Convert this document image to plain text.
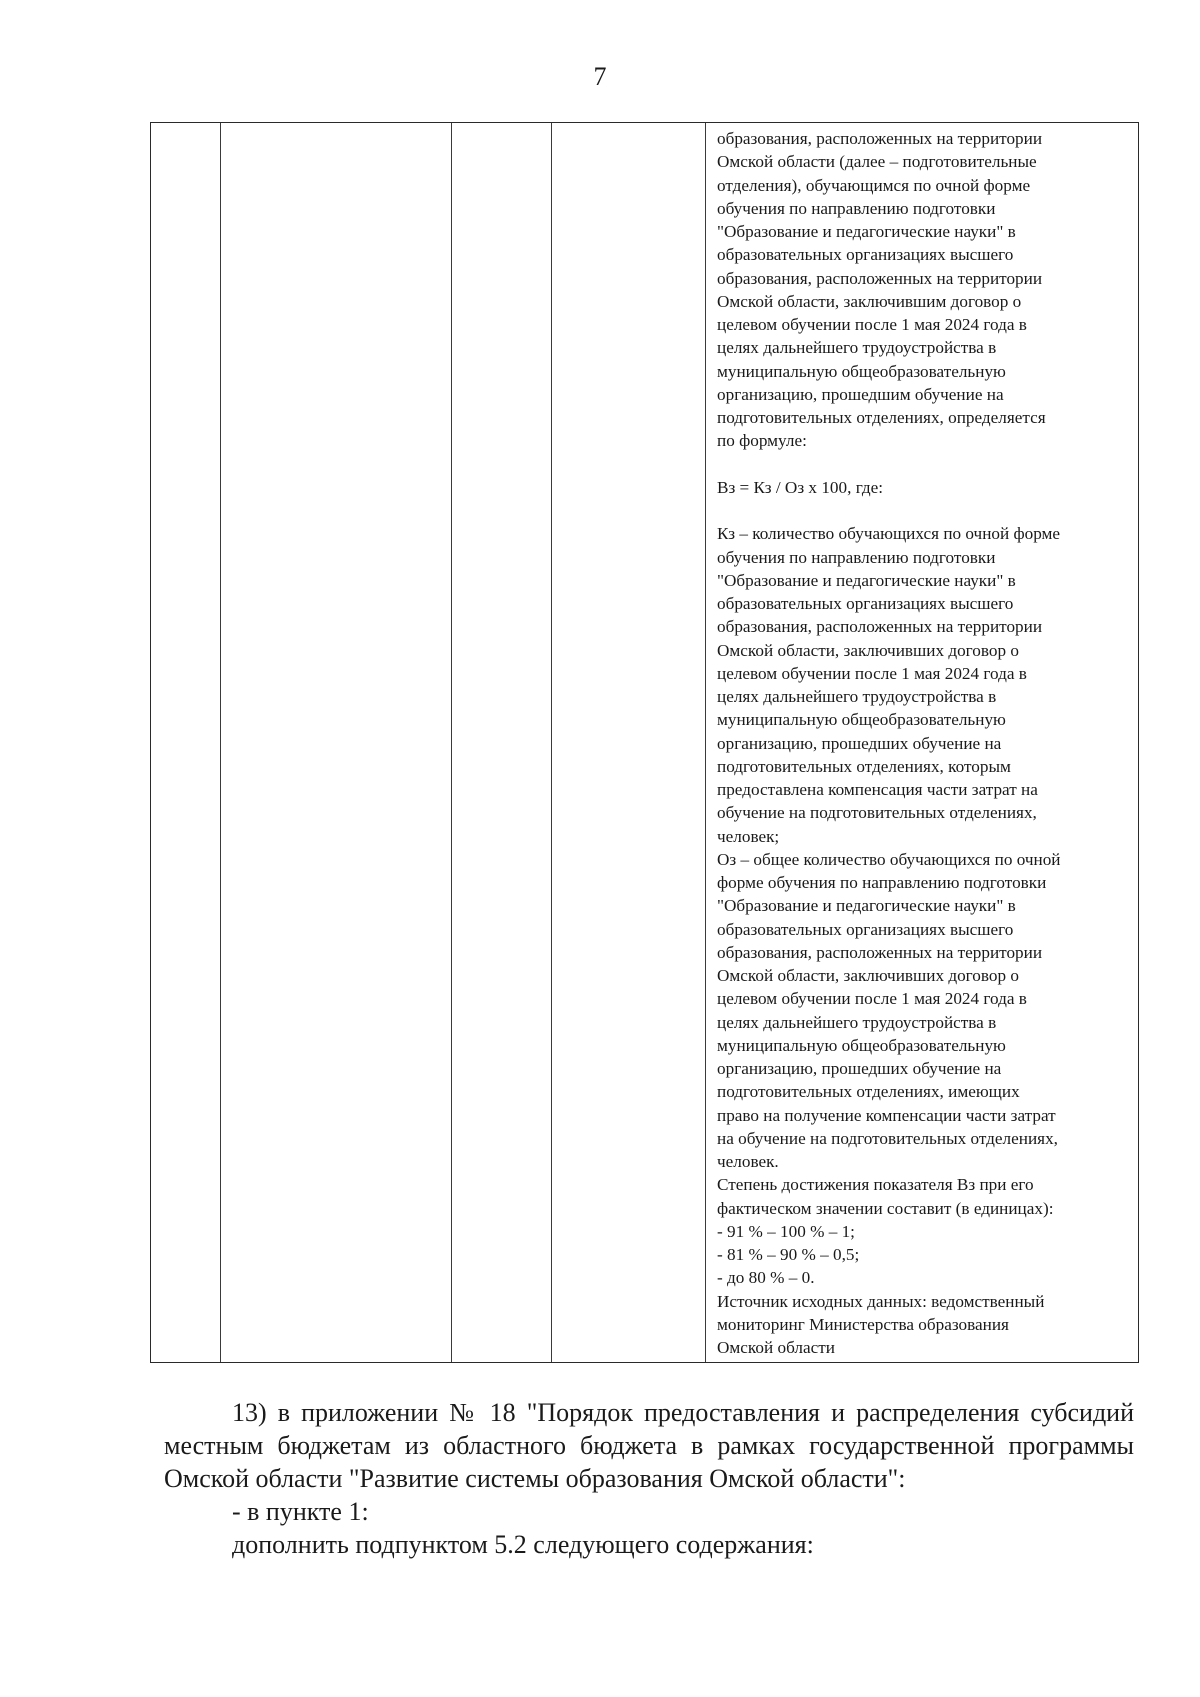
7

образования, расположенных на территории
Омской области (далее – подготовительные
отделения), обучающимся по очной форме
обучения по направлению подготовки
"Образование и педагогические науки" в
образовательных организациях высшего
образования, расположенных на территории
Омской области, заключившим договор о
целевом обучении после 1 мая 2024 года в
целях дальнейшего трудоустройства в
муниципальную общеобразовательную
организацию, прошедшим обучение на
подготовительных отделениях, определяется
по формуле:

Вз = Кз / Оз х 100, где:

Кз – количество обучающихся по очной форме
обучения по направлению подготовки
"Образование и педагогические науки" в
образовательных организациях высшего
образования, расположенных на территории
Омской области, заключивших договор о
целевом обучении после 1 мая 2024 года в
целях дальнейшего трудоустройства в
муниципальную общеобразовательную
организацию, прошедших обучение на
подготовительных отделениях, которым
предоставлена компенсация части затрат на
обучение на подготовительных отделениях,
человек;

Оз – общее количество обучающихся по очной
форме обучения по направлению подготовки
"Образование и педагогические науки" в
образовательных организациях высшего
образования, расположенных на территории
Омской области, заключивших договор о
целевом обучении после 1 мая 2024 года в
целях дальнейшего трудоустройства в
муниципальную общеобразовательную
организацию, прошедших обучение на
подготовительных отделениях, имеющих
право на получение компенсации части затрат
на обучение на подготовительных отделениях,
человек.

Степень достижения показателя Вз при его
фактическом значении составит (в единицах):

- 91 % – 100 % – 1;

- 81 % – 90 % – 0,5;

- до 80 % – 0.

Источник исходных данных: ведомственный
мониторинг Министерства образования
Омской области

13) в приложении № 18 "Порядок предоставления и распределения субсидий местным бюджетам из областного бюджета в рамках государственной программы Омской области "Развитие системы образования Омской области":

- в пункте 1:

дополнить подпунктом 5.2 следующего содержания:
